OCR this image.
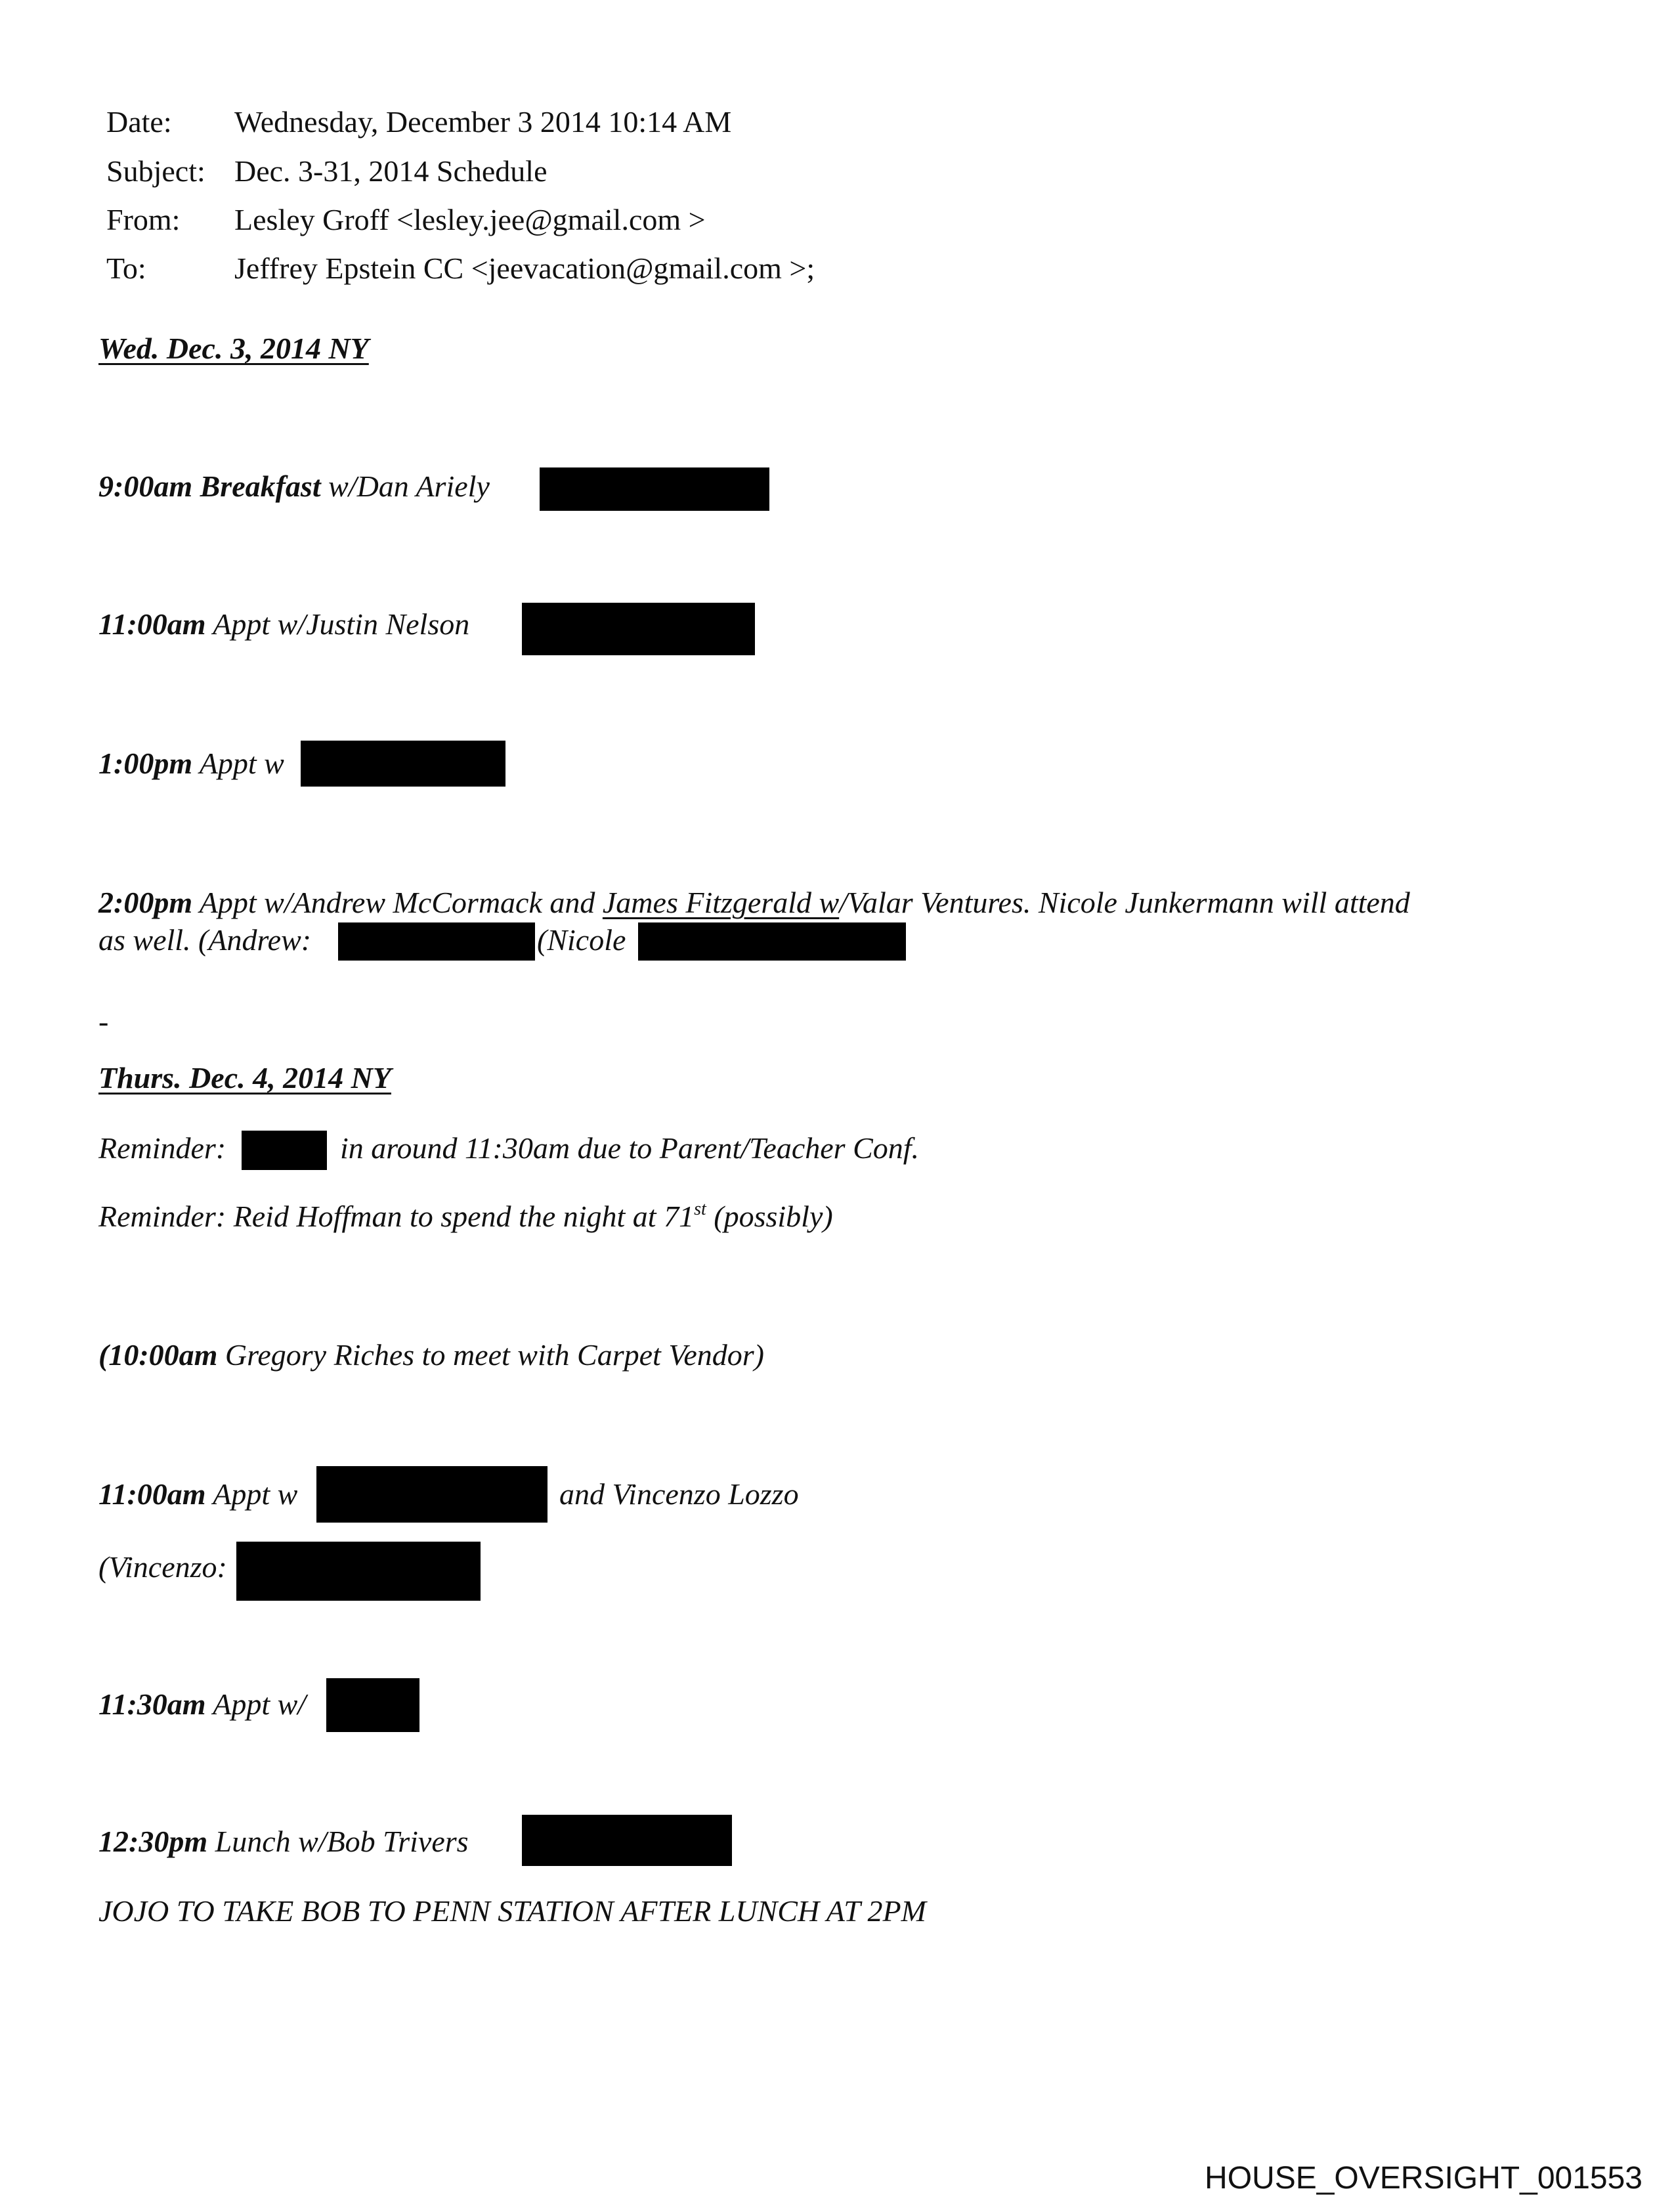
Date: Wednesday, December 3 2014 10:14 AM
Subject: Dec. 3-31, 2014 Schedule
From: Lesley Groff <lesley.jee@gmail.com >
To:	Jeffrey Epstein CC <jeevacation@gmail.com >;
Wed. Dec. 3, 2014 NY
9:00am Breakfast w/Dan Ariely
11:00am Appt w/Justin Nelson
1:00pm Appt w
2:00pm Appt w/Andrew McCormack and James Fitzgerald w/Valar Ventures. Nicole Junkermann will attend
as well. (Andrew:	(Nicole
-
Thurs. Dec. 4, 2014 NY
Reminder:	in around 11:30am due to Parent/Teacher Conf.
Reminder: Reid Hoffman to spend the night at 71st (possibly)
(10:00am Gregory Riches to meet with Carpet Vendor)
11:00am Appt w	and Vincenzo Lozzo
(Vincenzo:
11:30am Appt w/
12:30pm Lunch w/Bob Trivers
JOJO TO TAKE BOB TO PENN STATION AFTER LUNCH AT 2PM
HOUSE_OVERSIGHT_001553
